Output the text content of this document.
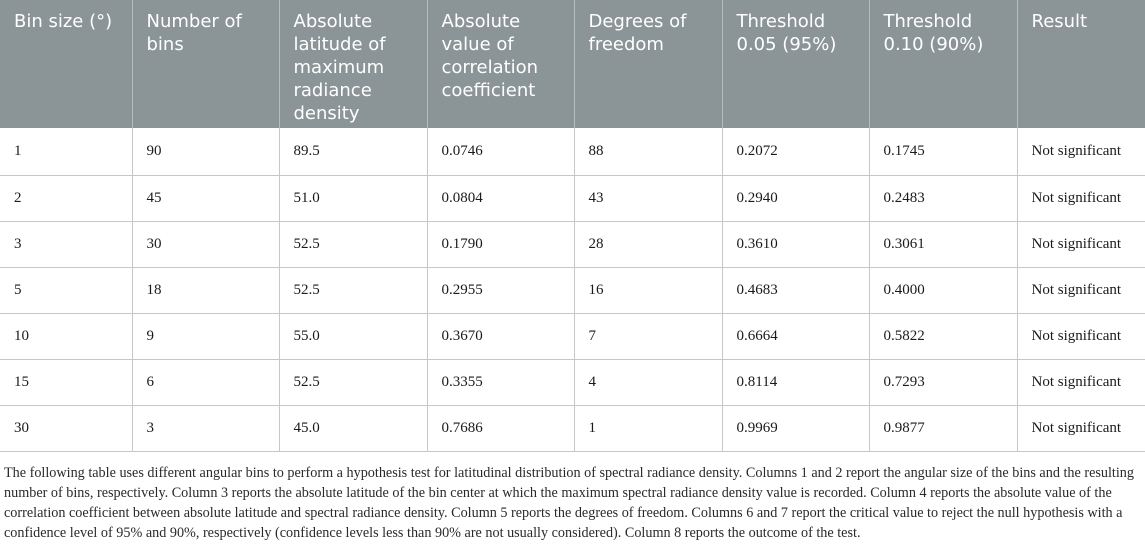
Bin size (°)	Number of bins	Absolute latitude of maximum radiance density	Absolute value of correlation coefficient	Degrees of freedom	Threshold 0.05 (95%)	Threshold 0.10 (90%)	Result
1	90	89.5	0.0746	88	0.2072	0.1745	Not significant
2	45	51.0	0.0804	43	0.2940	0.2483	Not significant
3	30	52.5	0.1790	28	0.3610	0.3061	Not significant
5	18	52.5	0.2955	16	0.4683	0.4000	Not significant
10	9	55.0	0.3670	7	0.6664	0.5822	Not significant
15	6	52.5	0.3355	4	0.8114	0.7293	Not significant
30	3	45.0	0.7686	1	0.9969	0.9877	Not significant

The following table uses different angular bins to perform a hypothesis test for latitudinal distribution of spectral radiance density. Columns 1 and 2 report the angular size of the bins and the resulting number of bins, respectively. Column 3 reports the absolute latitude of the bin center at which the maximum spectral radiance density value is recorded. Column 4 reports the absolute value of the correlation coefficient between absolute latitude and spectral radiance density. Column 5 reports the degrees of freedom. Columns 6 and 7 report the critical value to reject the null hypothesis with a confidence level of 95% and 90%, respectively (confidence levels less than 90% are not usually considered). Column 8 reports the outcome of the test.
